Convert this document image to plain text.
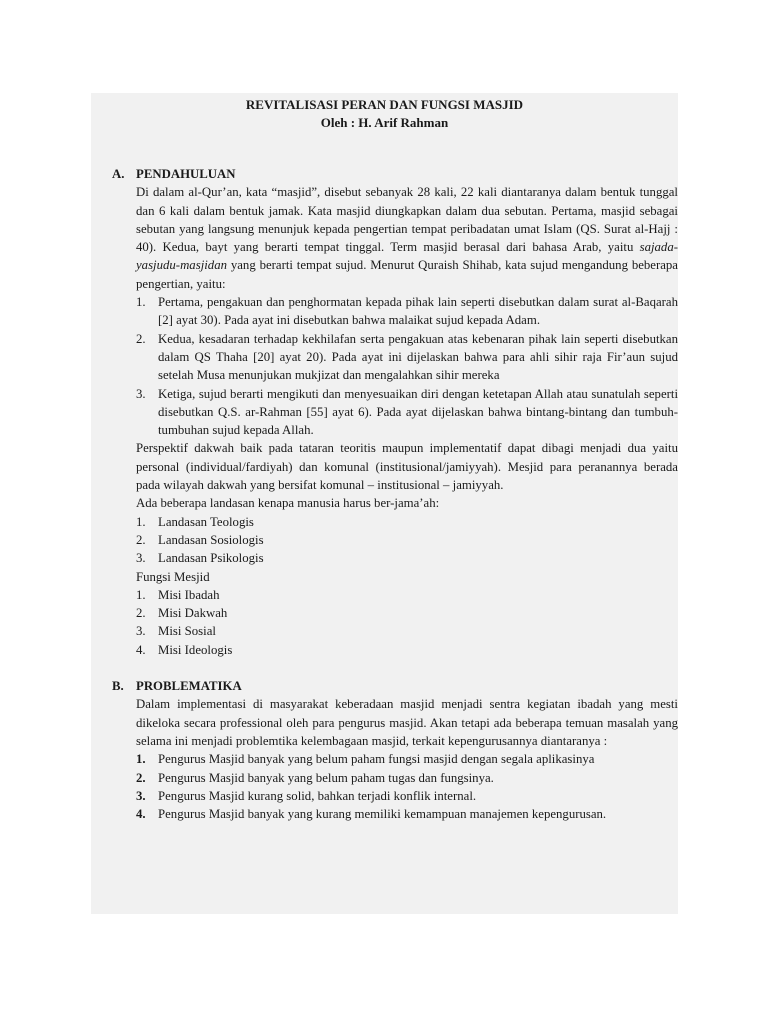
REVITALISASI PERAN DAN FUNGSI MASJID
Oleh : H. Arif Rahman
A. PENDAHULUAN
Di dalam al-Qur’an, kata “masjid”, disebut sebanyak 28 kali, 22 kali diantaranya dalam bentuk tunggal dan 6 kali dalam bentuk jamak. Kata masjid diungkapkan dalam dua sebutan. Pertama, masjid sebagai sebutan yang langsung menunjuk kepada pengertian tempat peribadatan umat Islam (QS. Surat al-Hajj : 40). Kedua, bayt yang berarti tempat tinggal. Term masjid berasal dari bahasa Arab, yaitu sajada-yasjudu-masjidan yang berarti tempat sujud. Menurut Quraish Shihab, kata sujud mengandung beberapa pengertian, yaitu:
1. Pertama, pengakuan dan penghormatan kepada pihak lain seperti disebutkan dalam surat al-Baqarah [2] ayat 30). Pada ayat ini disebutkan bahwa malaikat sujud kepada Adam.
2. Kedua, kesadaran terhadap kekhilafan serta pengakuan atas kebenaran pihak lain seperti disebutkan dalam QS Thaha [20] ayat 20). Pada ayat ini dijelaskan bahwa para ahli sihir raja Fir’aun sujud setelah Musa menunjukan mukjizat dan mengalahkan sihir mereka
3. Ketiga, sujud berarti mengikuti dan menyesuaikan diri dengan ketetapan Allah atau sunatulah seperti disebutkan Q.S. ar-Rahman [55] ayat 6). Pada ayat dijelaskan bahwa bintang-bintang dan tumbuh-tumbuhan sujud kepada Allah.
Perspektif dakwah baik pada tataran teoritis maupun implementatif dapat dibagi menjadi dua yaitu personal (individual/fardiyah) dan komunal (institusional/jamiyyah). Mesjid para peranannya berada pada wilayah dakwah yang bersifat komunal – institusional – jamiyyah.
Ada beberapa landasan kenapa manusia harus ber-jama’ah:
1. Landasan Teologis
2. Landasan Sosiologis
3. Landasan Psikologis
Fungsi Mesjid
1. Misi Ibadah
2. Misi Dakwah
3. Misi Sosial
4. Misi Ideologis
B. PROBLEMATIKA
Dalam implementasi di masyarakat keberadaan masjid menjadi sentra kegiatan ibadah yang mesti dikeloka secara professional oleh para pengurus masjid. Akan tetapi ada beberapa temuan masalah yang selama ini menjadi problemtika kelembagaan masjid, terkait kepengurusannya diantaranya :
1. Pengurus Masjid banyak yang belum paham fungsi masjid dengan segala aplikasinya
2. Pengurus Masjid banyak yang belum paham tugas dan fungsinya.
3. Pengurus Masjid kurang solid, bahkan terjadi konflik internal.
4. Pengurus Masjid banyak yang kurang memiliki kemampuan manajemen kepengurusan.
